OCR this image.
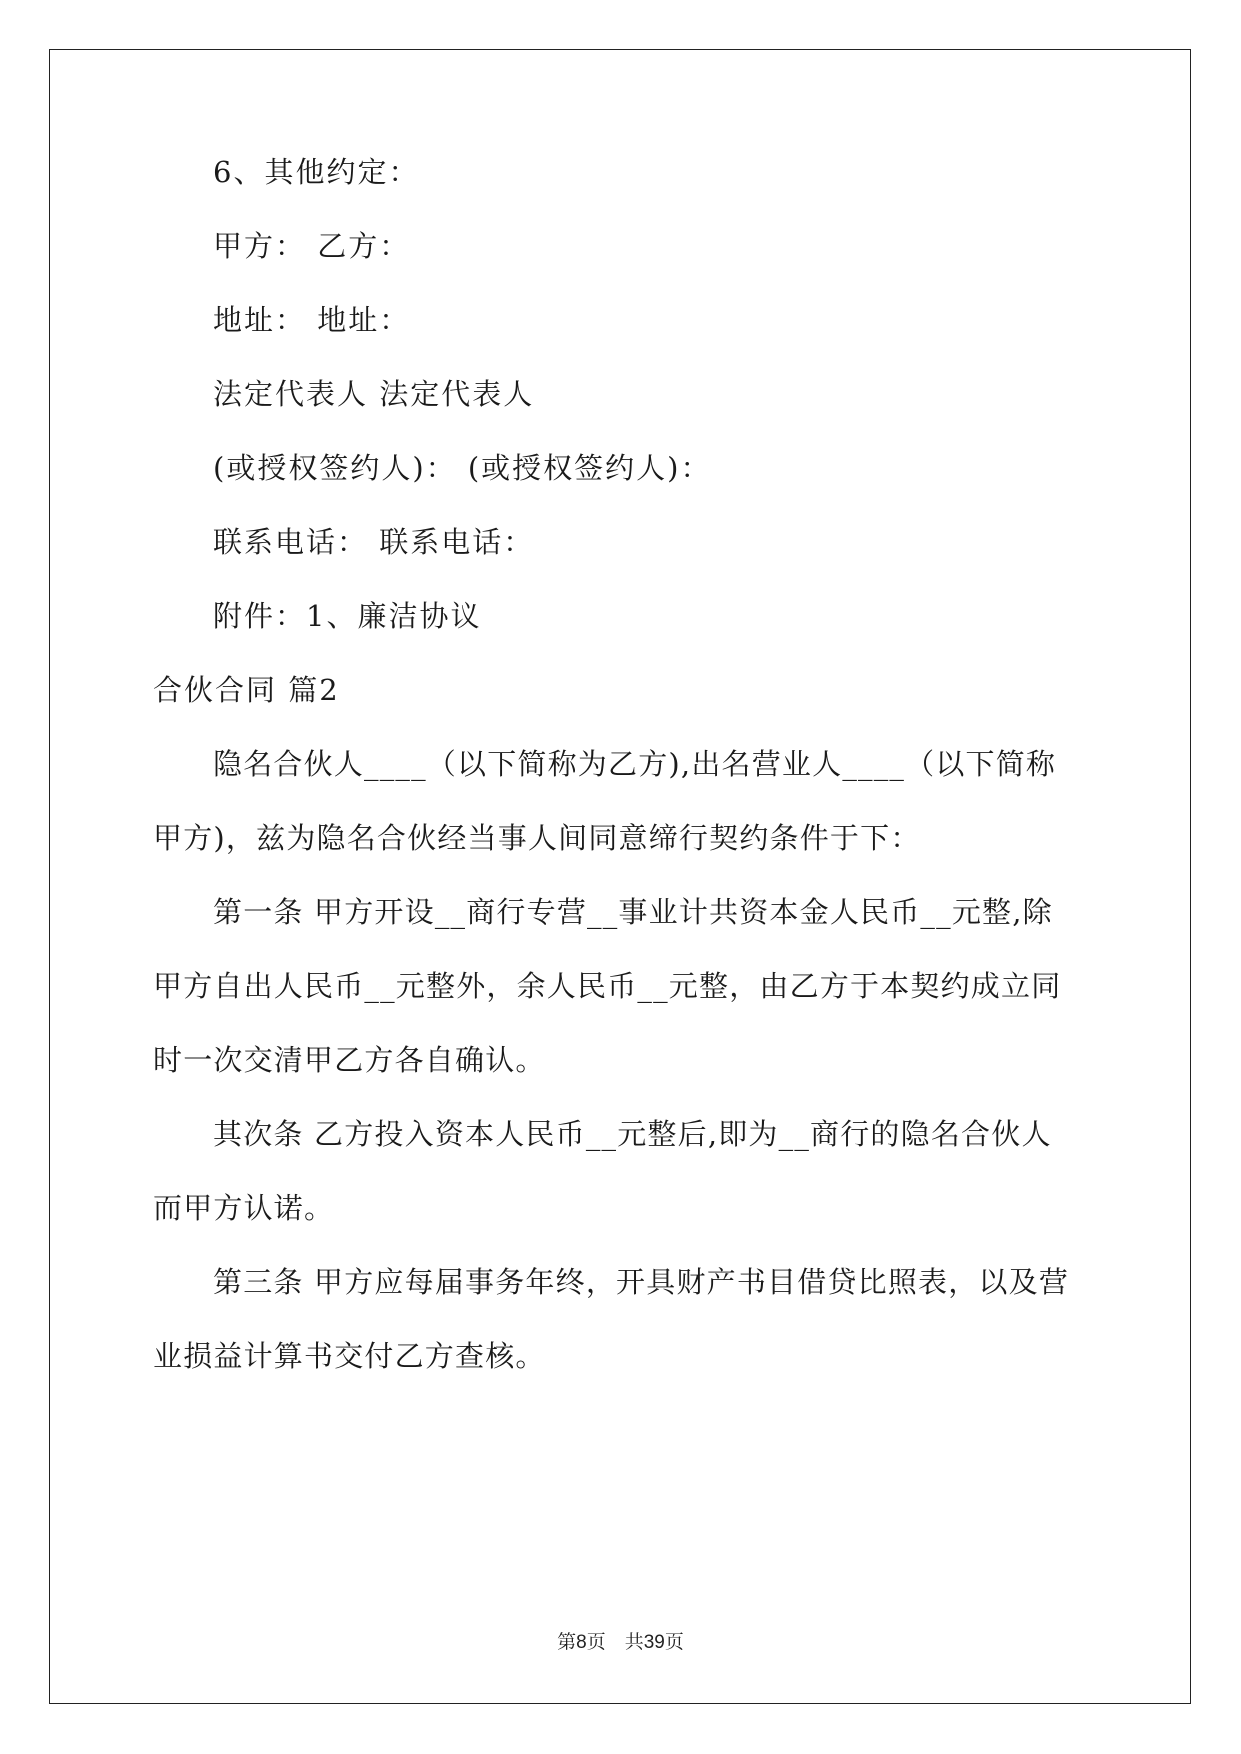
6、其他约定：
甲方： 乙方：
地址： 地址：
法定代表人 法定代表人
(或授权签约人)： (或授权签约人)：
联系电话： 联系电话：
附件：1、廉洁协议
合伙合同 篇2
隐名合伙人____（以下简称为乙方),出名营业人____（以下简称
甲方)，兹为隐名合伙经当事人间同意缔行契约条件于下：
第一条 甲方开设__商行专营__事业计共资本金人民币__元整,除
甲方自出人民币__元整外，余人民币__元整，由乙方于本契约成立同
时一次交清甲乙方各自确认。
其次条 乙方投入资本人民币__元整后,即为__商行的隐名合伙人
而甲方认诺。
第三条 甲方应每届事务年终，开具财产书目借贷比照表，以及营
业损益计算书交付乙方查核。
第8页    共39页
